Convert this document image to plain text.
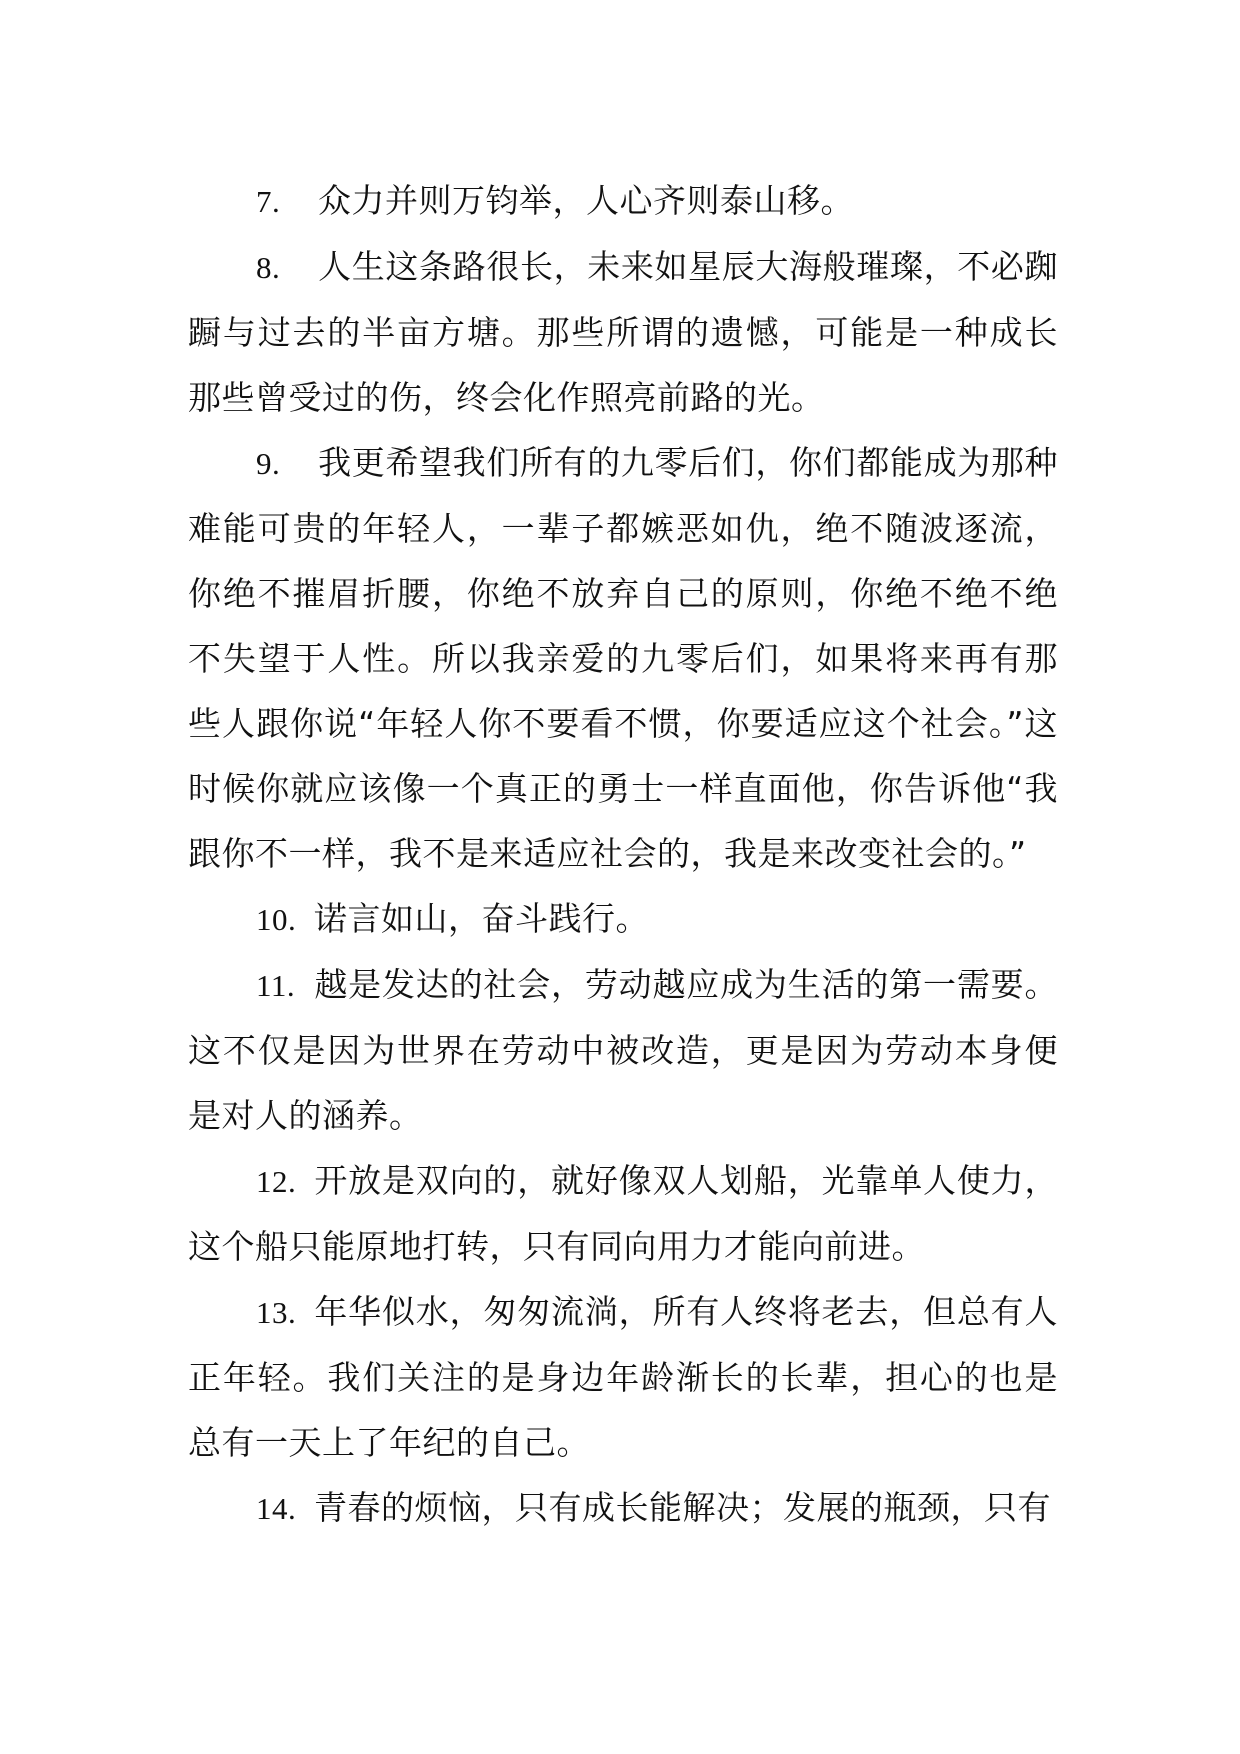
7. 众力并则万钧举，人心齐则泰山移。

8. 人生这条路很长，未来如星辰大海般璀璨，不必踟蹰与过去的半亩方塘。那些所谓的遗憾，可能是一种成长那些曾受过的伤，终会化作照亮前路的光。

9. 我更希望我们所有的九零后们，你们都能成为那种难能可贵的年轻人，一辈子都嫉恶如仇，绝不随波逐流，你绝不摧眉折腰，你绝不放弃自己的原则，你绝不绝不绝不失望于人性。所以我亲爱的九零后们，如果将来再有那些人跟你说“年轻人你不要看不惯，你要适应这个社会。”这时候你就应该像一个真正的勇士一样直面他，你告诉他“我跟你不一样，我不是来适应社会的，我是来改变社会的。”

10. 诺言如山，奋斗践行。

11. 越是发达的社会，劳动越应成为生活的第一需要。这不仅是因为世界在劳动中被改造，更是因为劳动本身便是对人的涵养。

12. 开放是双向的，就好像双人划船，光靠单人使力，这个船只能原地打转，只有同向用力才能向前进。

13. 年华似水，匆匆流淌，所有人终将老去，但总有人正年轻。我们关注的是身边年龄渐长的长辈，担心的也是总有一天上了年纪的自己。

14. 青春的烦恼，只有成长能解决；发展的瓶颈，只有
